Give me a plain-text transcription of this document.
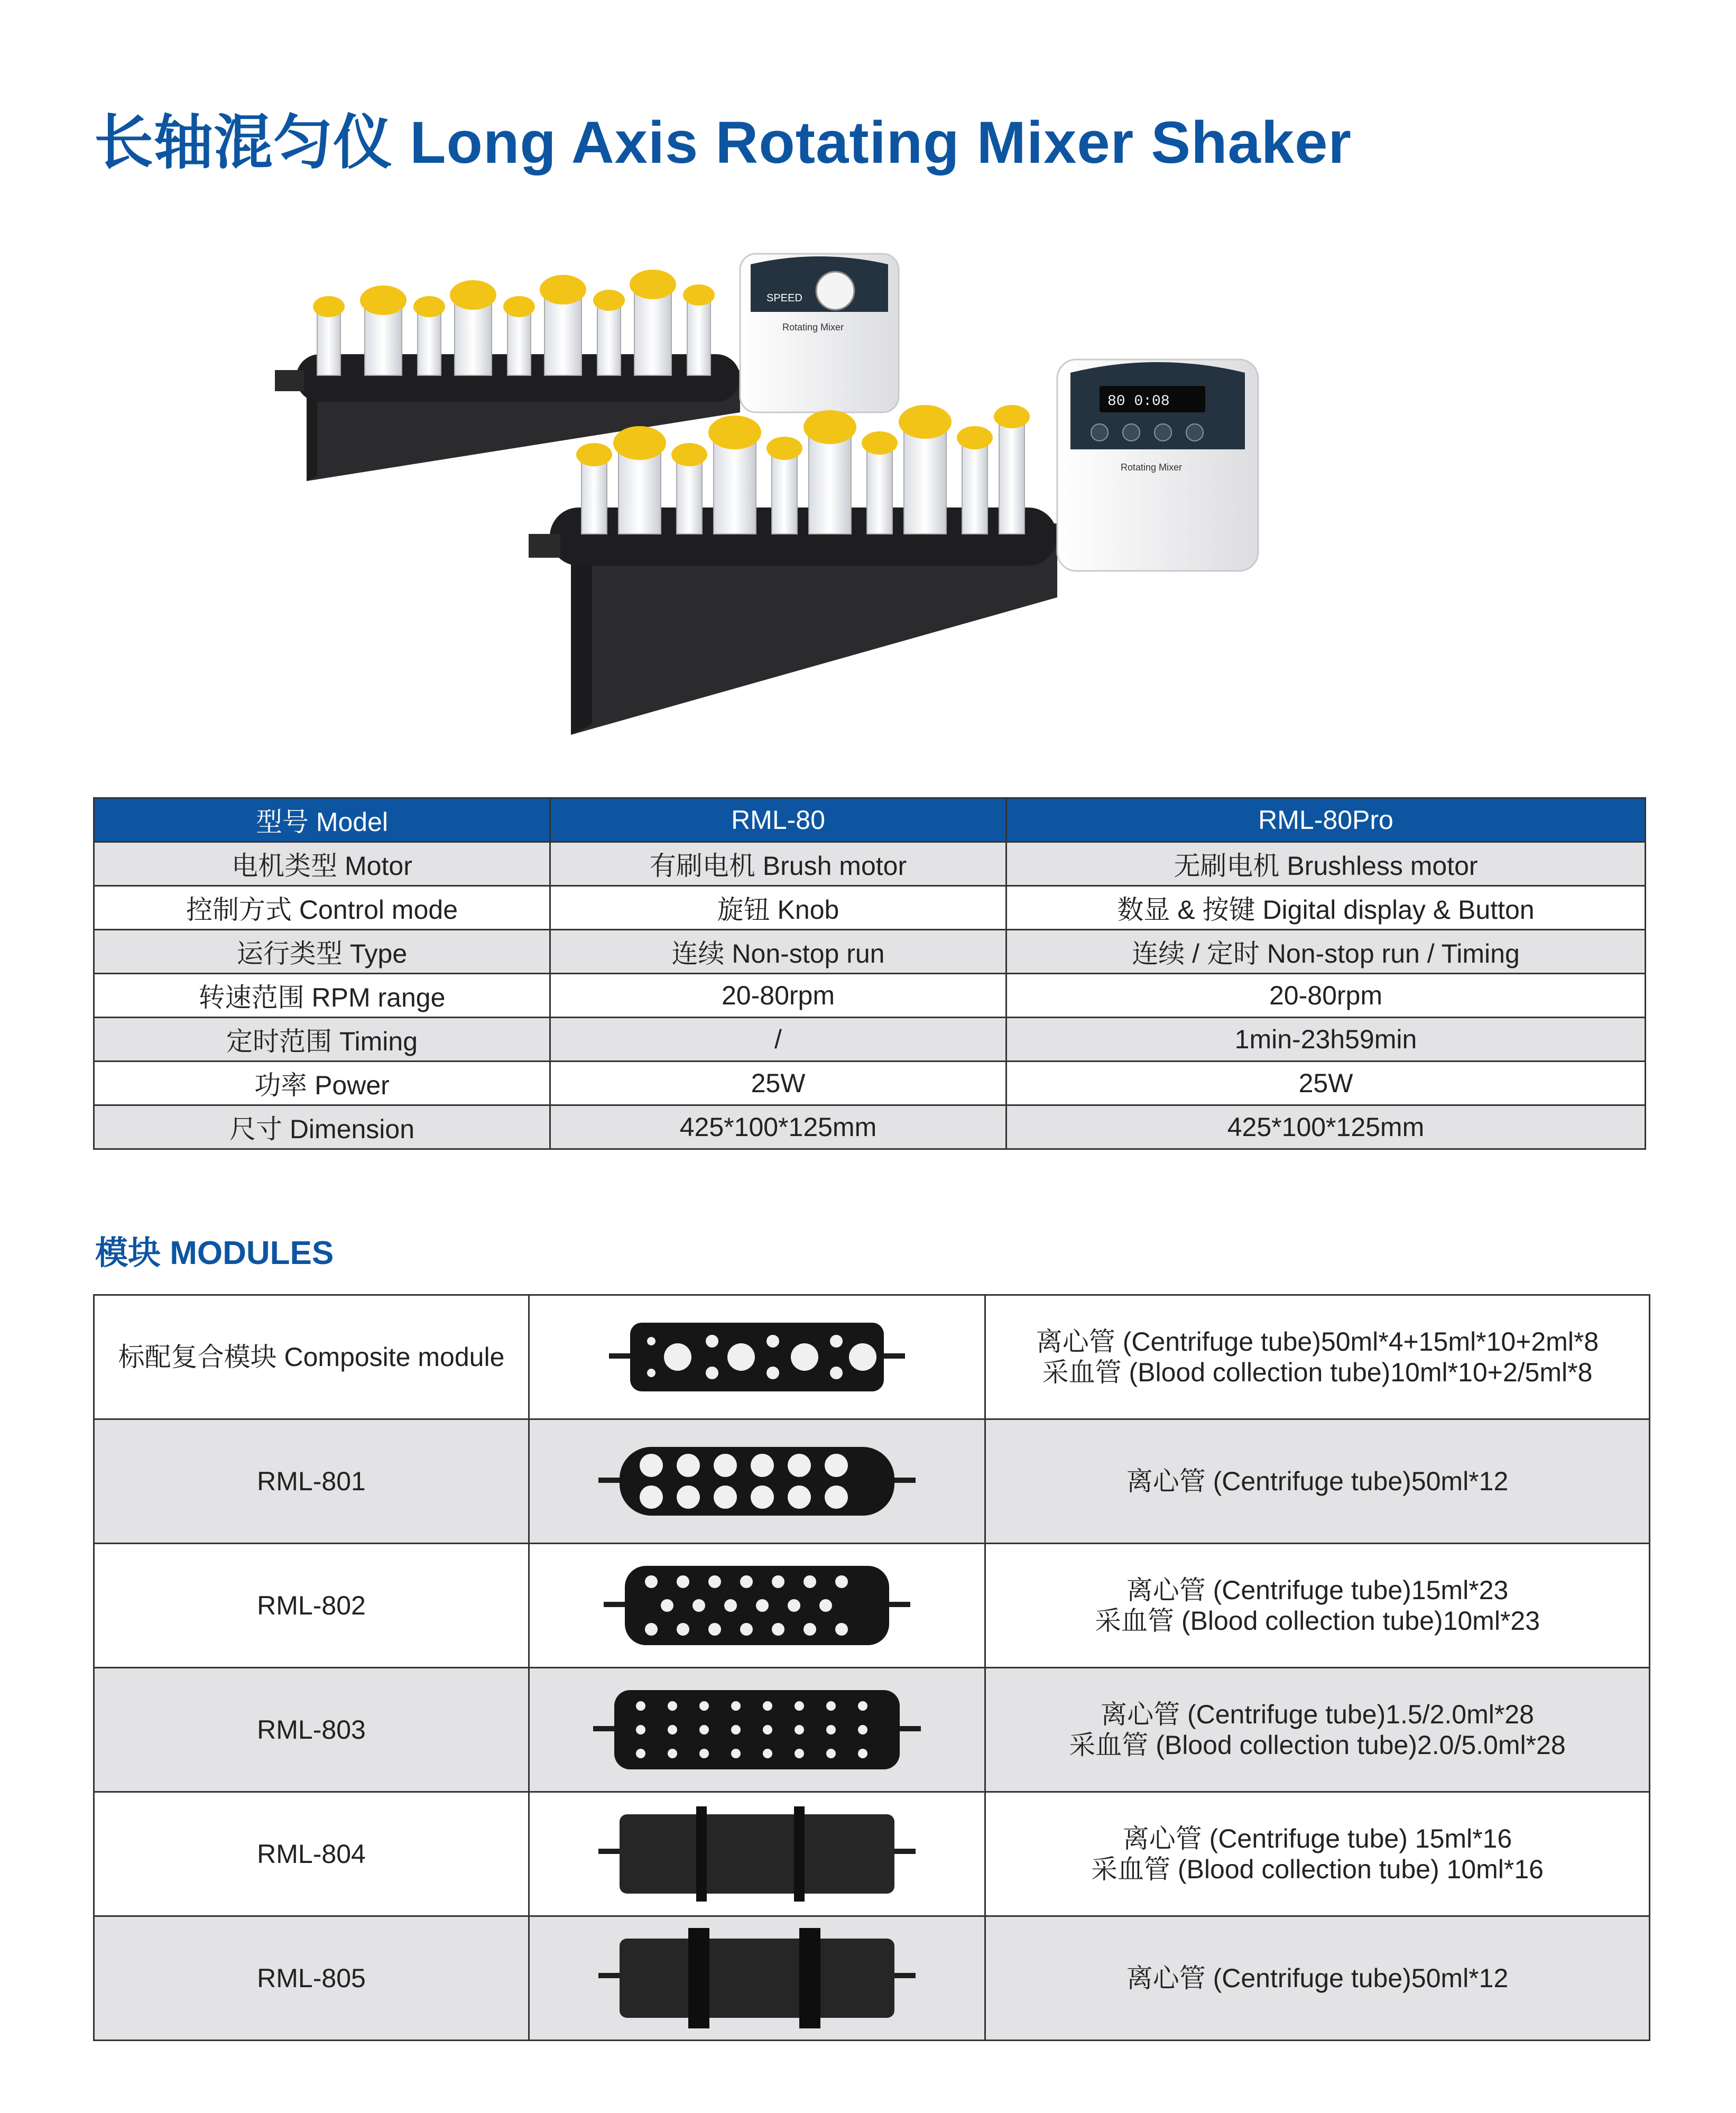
长轴混匀仪 Long Axis Rotating Mixer Shaker
SPEED
Rotating Mixer
80 0:08
Rotating Mixer
型号 Model	RML-80	RML-80Pro
电机类型 Motor	有刷电机 Brush motor	无刷电机 Brushless motor
控制方式 Control mode	旋钮 Knob	数显 & 按键 Digital display & Button
运行类型 Type	连续 Non-stop run	连续 / 定时 Non-stop run / Timing
转速范围 RPM range	20-80rpm	20-80rpm
定时范围 Timing	/	1min-23h59min
功率 Power	25W	25W
尺寸 Dimension	425*100*125mm	425*100*125mm
模块 MODULES
标配复合模块 Composite module		离心管 (Centrifuge tube)50ml*4+15ml*10+2ml*8
采血管 (Blood collection tube)10ml*10+2/5ml*8

RML-801		离心管 (Centrifuge tube)50ml*12

RML-802		离心管 (Centrifuge tube)15ml*23
采血管 (Blood collection tube)10ml*23

RML-803		离心管 (Centrifuge tube)1.5/2.0ml*28
采血管 (Blood collection tube)2.0/5.0ml*28

RML-804		离心管 (Centrifuge tube) 15ml*16
采血管 (Blood collection tube) 10ml*16

RML-805		离心管 (Centrifuge tube)50ml*12
